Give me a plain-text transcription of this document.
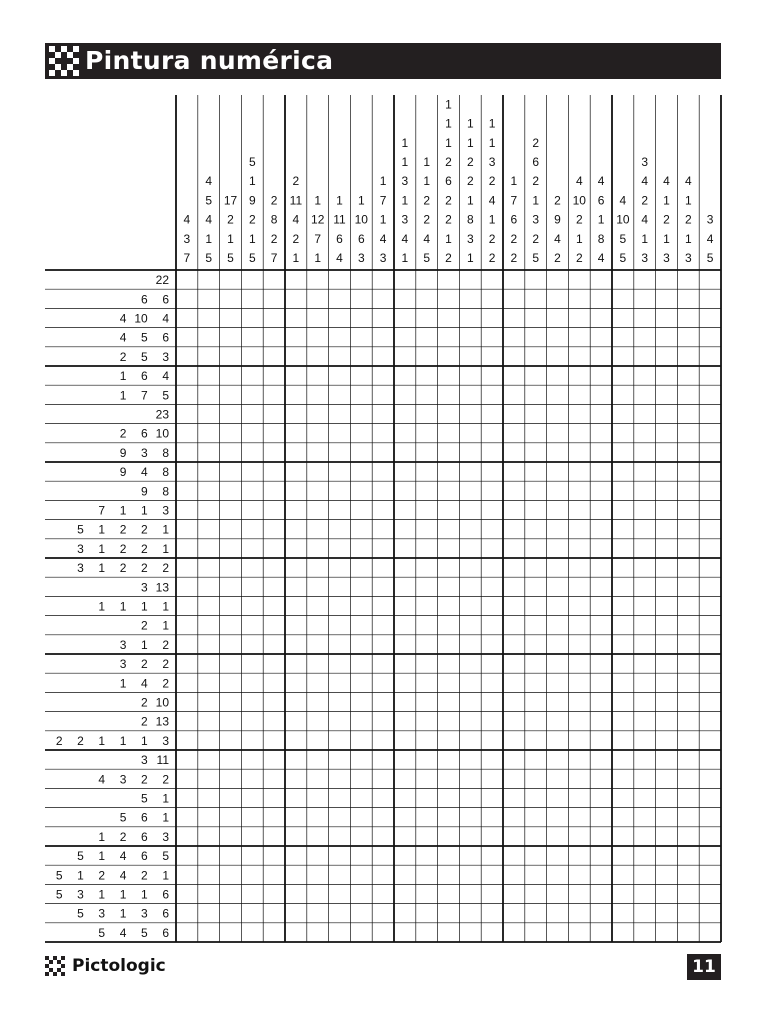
Pintura numérica
4
3
7
4
5
4
1
5
17
2
1
5
5
1
9
2
1
5
2
8
2
7
2
11
4
2
1
1
12
7
1
1
11
6
4
1
10
6
3
1
7
1
4
3
1
1
3
1
3
4
1
1
1
2
2
4
5
1
1
1
2
6
2
2
1
2
1
1
2
2
1
8
3
1
1
1
3
2
4
1
2
2
1
7
6
2
2
2
6
2
1
3
2
5
2
9
4
2
4
10
2
1
2
4
6
1
8
4
4
10
5
5
3
4
2
4
1
3
4
1
2
1
3
4
1
2
1
3
3
4
5
22
6 6
4 10 4
4 5 6
2 5 3
1 6 4
1 7 5
23
2 6 10
9 3 8
9 4 8
9 8
7 1 1 3
5 1 2 2 1
3 1 2 2 1
3 1 2 2 2
3 13
1 1 1 1
2 1
3 1 2
3 2 2
1 4 2
2 10
2 13
2 2 1 1 1 3
3 11
4 3 2 2
5 1
5 6 1
1 2 6 3
5 1 4 6 5
5 1 2 4 2 1
5 3 1 1 1 6
5 3 1 3 6
5 4 5 6
Pictologic	11
